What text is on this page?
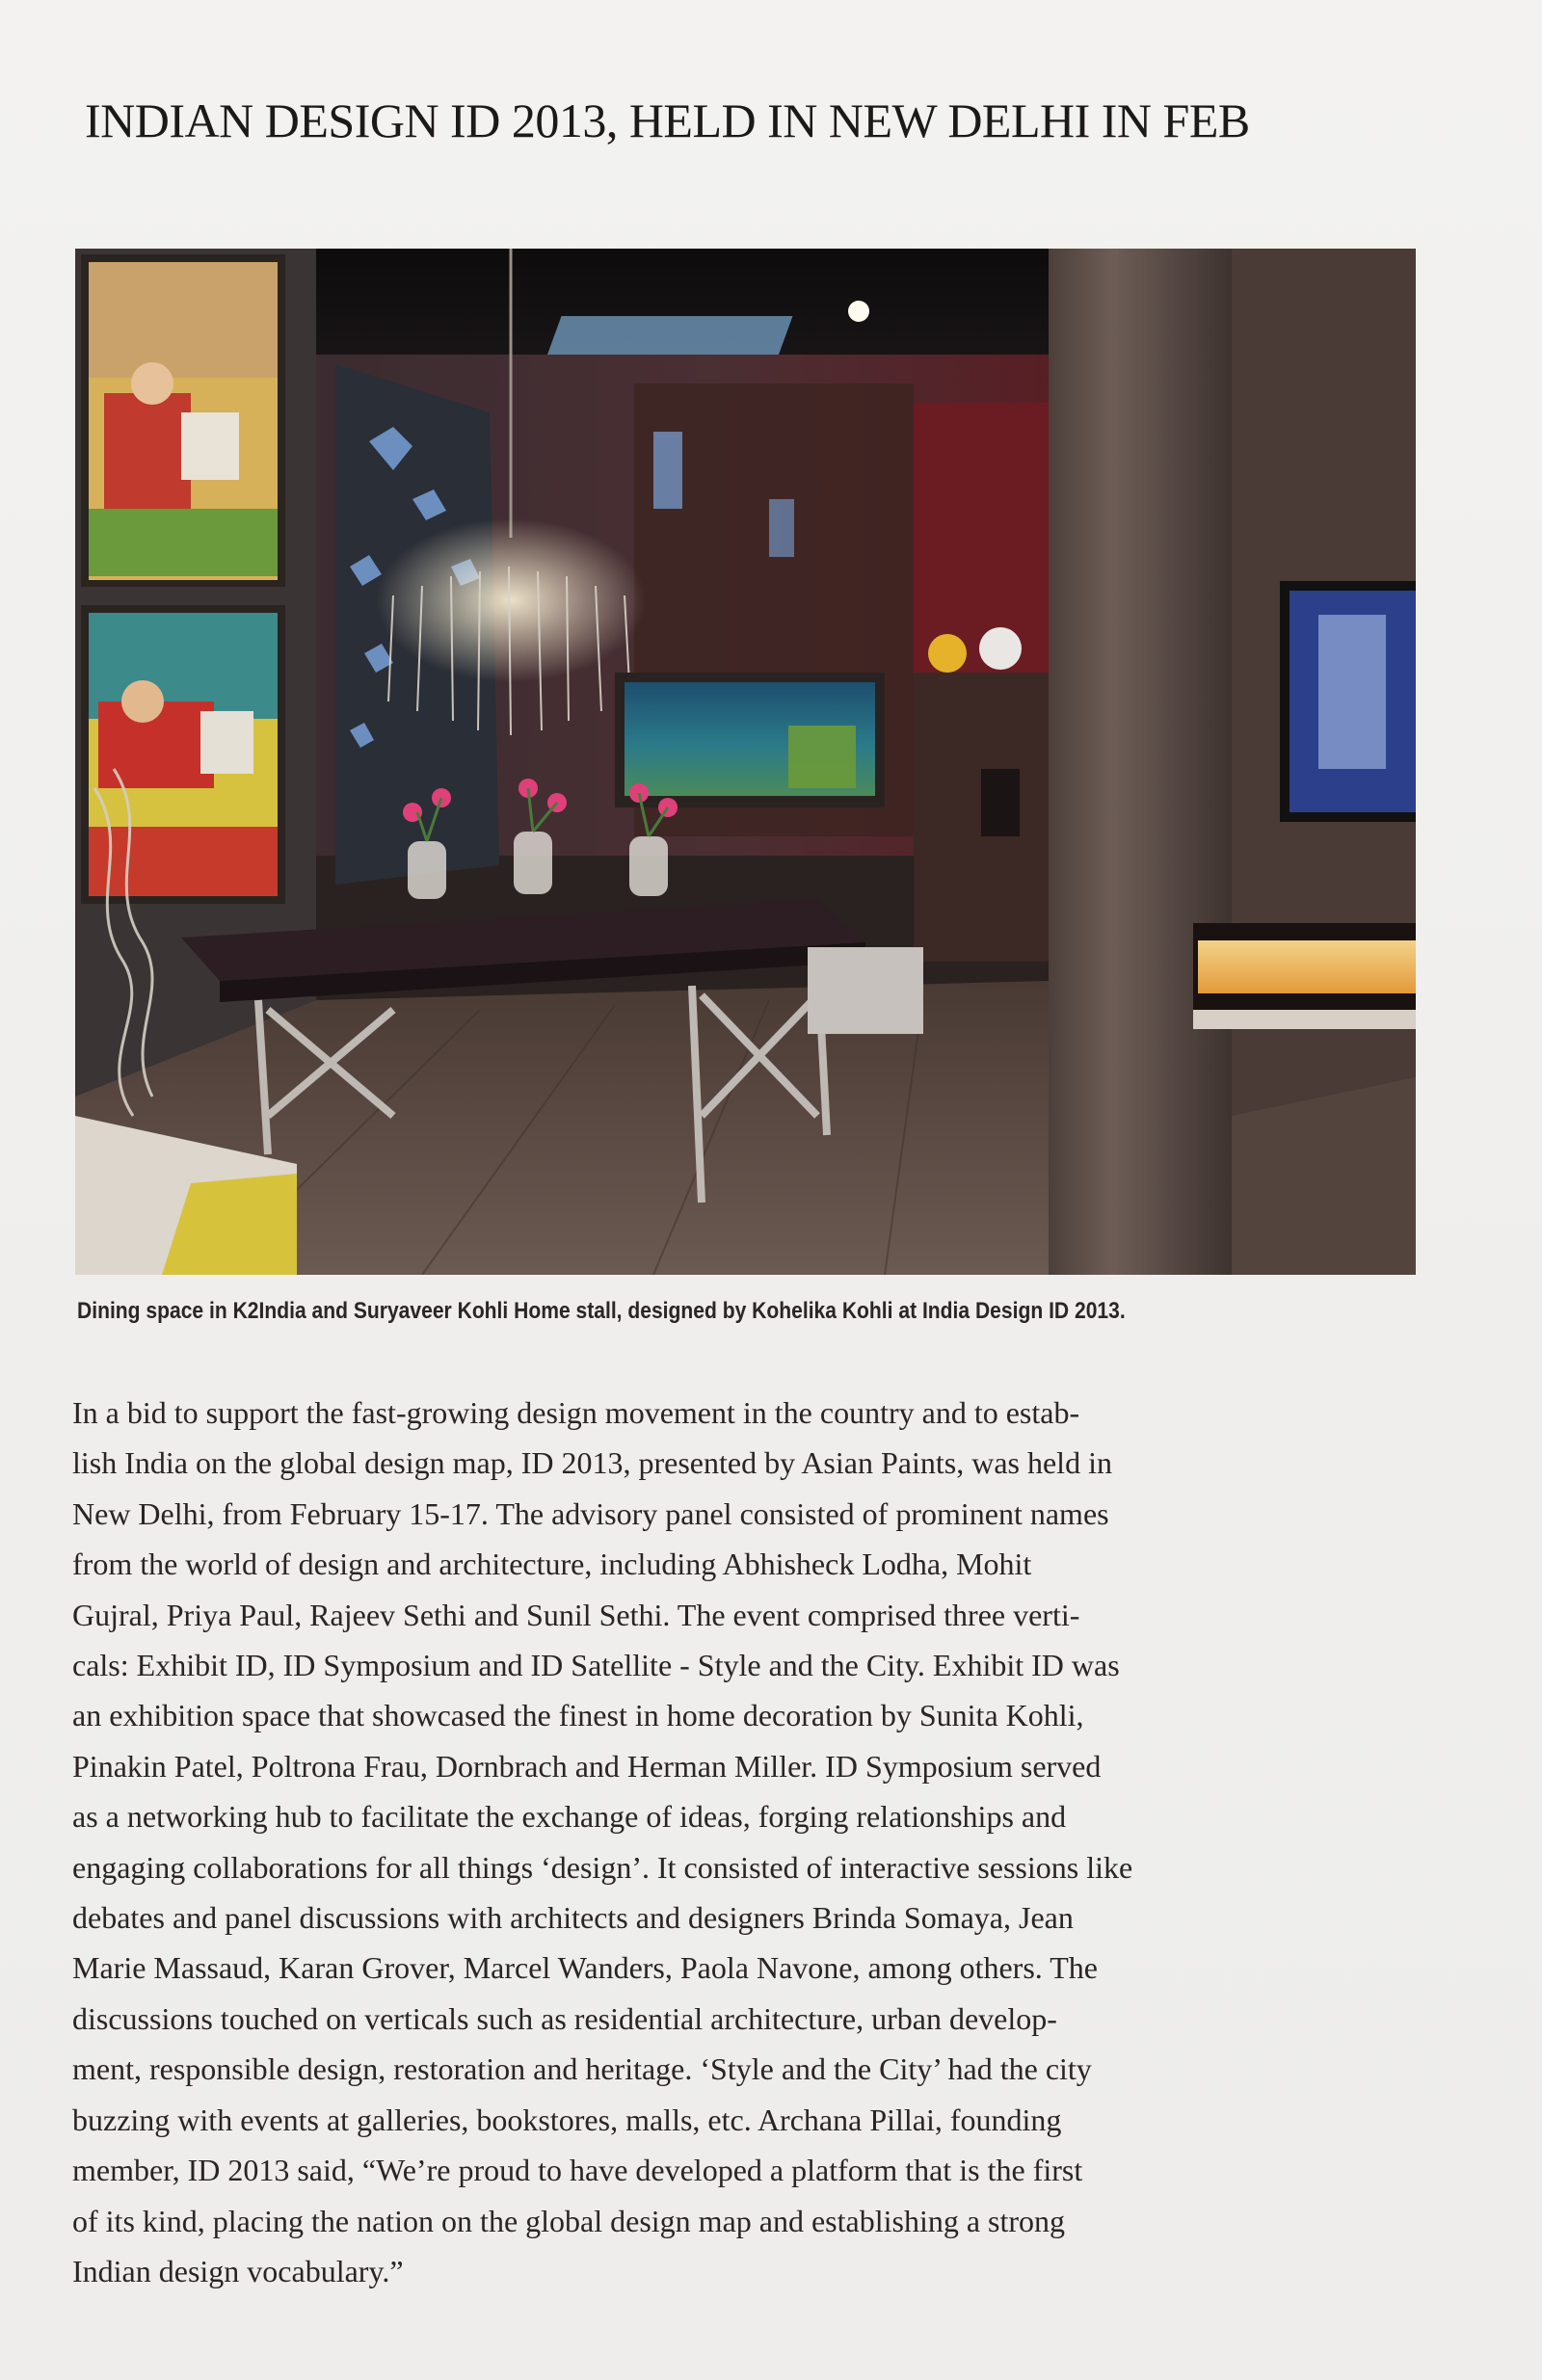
INDIAN DESIGN ID 2013, HELD IN NEW DELHI IN FEB

Dining space in K2India and Suryaveer Kohli Home stall, designed by Kohelika Kohli at India Design ID 2013.

In a bid to support the fast-growing design movement in the country and to estab-
lish India on the global design map, ID 2013, presented by Asian Paints, was held in
New Delhi, from February 15-17. The advisory panel consisted of prominent names
from the world of design and architecture, including Abhisheck Lodha, Mohit
Gujral, Priya Paul, Rajeev Sethi and Sunil Sethi. The event comprised three verti-
cals: Exhibit ID, ID Symposium and ID Satellite - Style and the City. Exhibit ID was
an exhibition space that showcased the finest in home decoration by Sunita Kohli,
Pinakin Patel, Poltrona Frau, Dornbrach and Herman Miller. ID Symposium served
as a networking hub to facilitate the exchange of ideas, forging relationships and
engaging collaborations for all things ‘design’. It consisted of interactive sessions like
debates and panel discussions with architects and designers Brinda Somaya, Jean
Marie Massaud, Karan Grover, Marcel Wanders, Paola Navone, among others. The
discussions touched on verticals such as residential architecture, urban develop-
ment, responsible design, restoration and heritage. ‘Style and the City’ had the city
buzzing with events at galleries, bookstores, malls, etc. Archana Pillai, founding
member, ID 2013 said, “We’re proud to have developed a platform that is the first
of its kind, placing the nation on the global design map and establishing a strong
Indian design vocabulary.”
